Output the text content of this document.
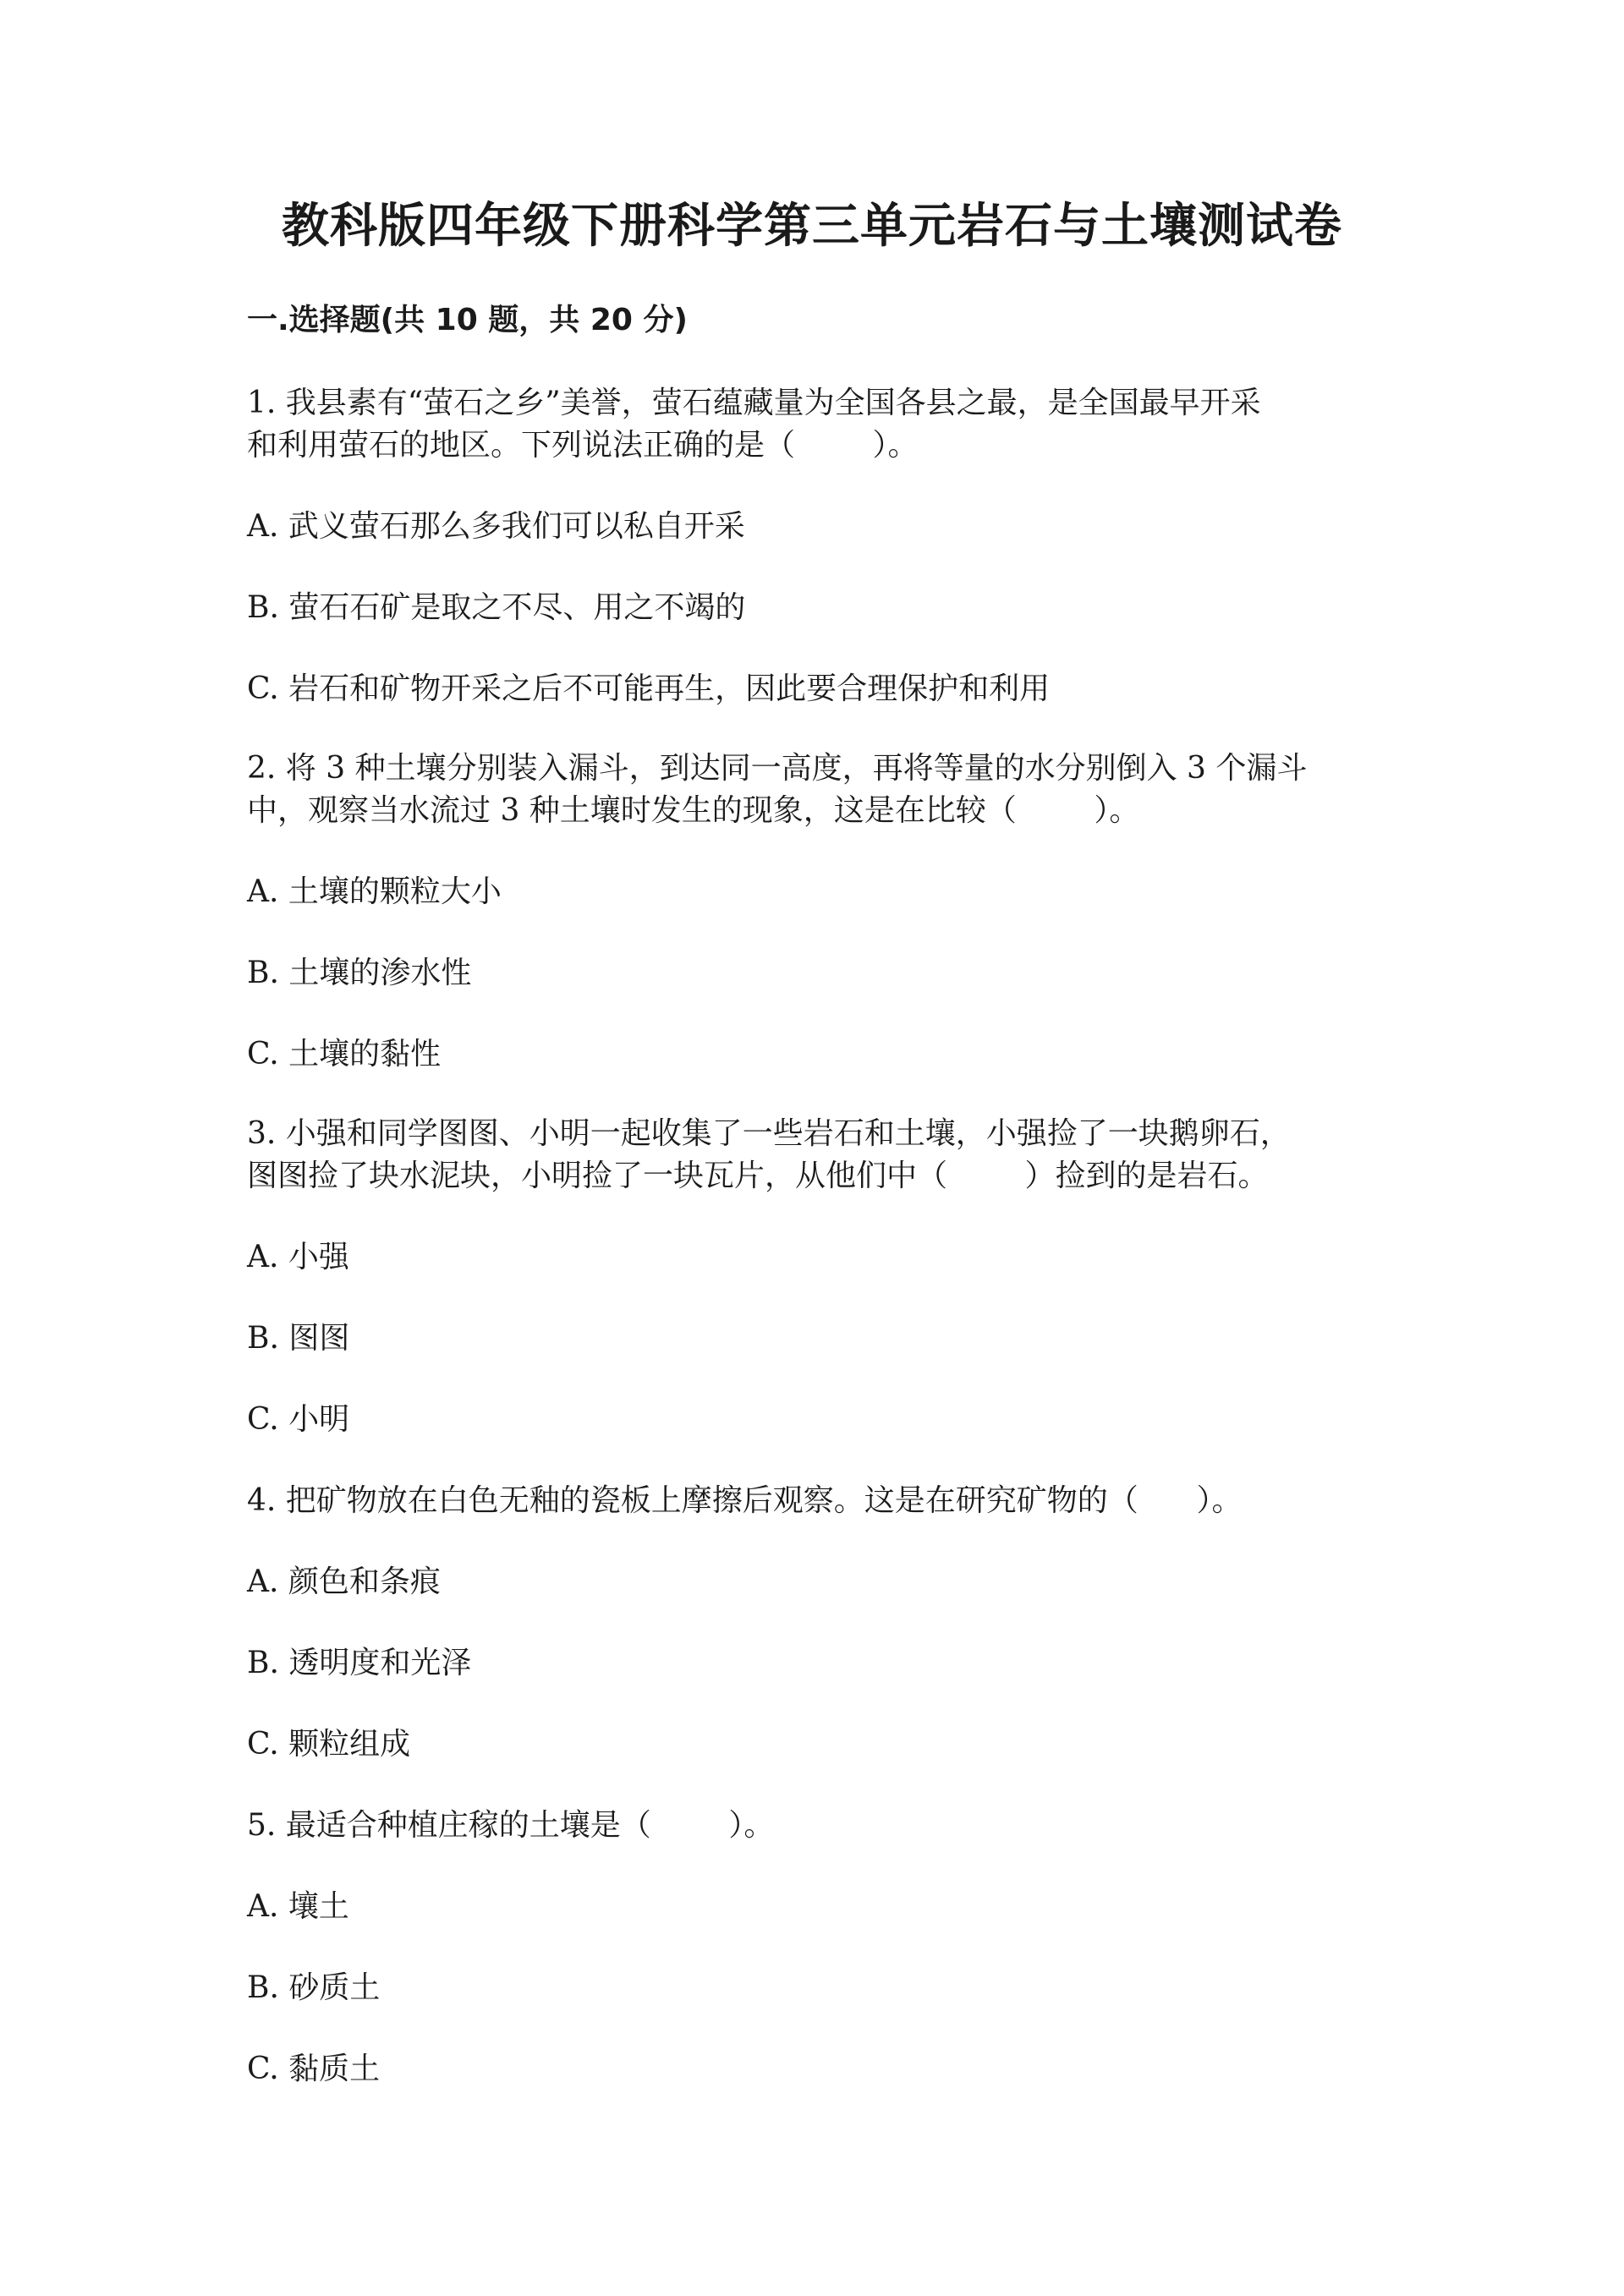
教科版四年级下册科学第三单元岩石与土壤测试卷
一.选择题(共 10 题，共 20 分)
1. 我县素有“萤石之乡”美誉，萤石蕴藏量为全国各县之最，是全国最早开采
和利用萤石的地区。下列说法正确的是（        ）。
A. 武义萤石那么多我们可以私自开采
B. 萤石石矿是取之不尽、用之不竭的
C. 岩石和矿物开采之后不可能再生，因此要合理保护和利用
2. 将 3 种土壤分别装入漏斗，到达同一高度，再将等量的水分别倒入 3 个漏斗
中，观察当水流过 3 种土壤时发生的现象，这是在比较（        ）。
A. 土壤的颗粒大小
B. 土壤的渗水性
C. 土壤的黏性
3. 小强和同学图图、小明一起收集了一些岩石和土壤，小强捡了一块鹅卵石，
图图捡了块水泥块，小明捡了一块瓦片，从他们中（        ）捡到的是岩石。
A. 小强
B. 图图
C. 小明
4. 把矿物放在白色无釉的瓷板上摩擦后观察。这是在研究矿物的（      ）。
A. 颜色和条痕
B. 透明度和光泽
C. 颗粒组成
5. 最适合种植庄稼的土壤是（        ）。
A. 壤土
B. 砂质土
C. 黏质土
